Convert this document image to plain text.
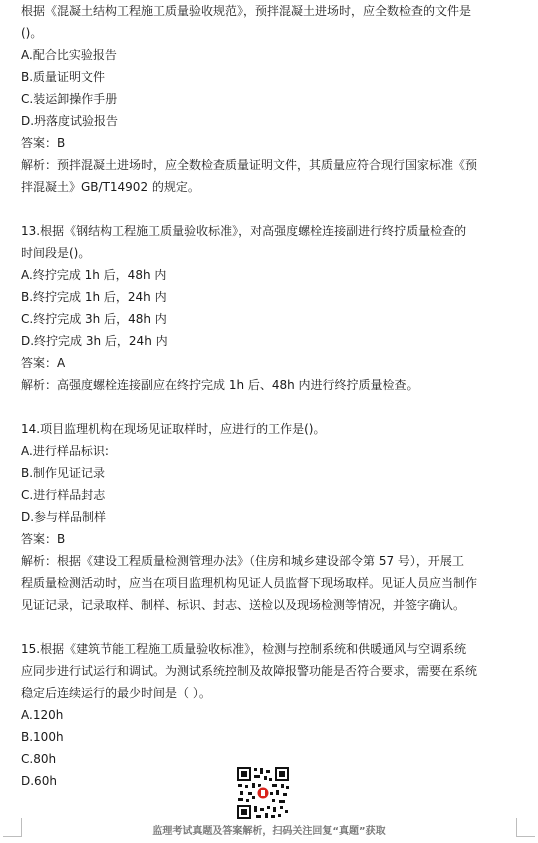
根据《混凝土结构工程施工质量验收规范》，预拌混凝土进场时，应全数检查的文件是
()。
A.配合比实验报告
B.质量证明文件
C.装运卸操作手册
D.坍落度试验报告
答案：B
解析：预拌混凝土进场时，应全数检查质量证明文件，其质量应符合现行国家标准《预
拌混凝土》GB/T14902 的规定。
13.根据《钢结构工程施工质量验收标准》，对高强度螺栓连接副进行终拧质量检查的
时间段是()。
A.终拧完成 1h 后，48h 内
B.终拧完成 1h 后，24h 内
C.终拧完成 3h 后，48h 内
D.终拧完成 3h 后，24h 内
答案：A
解析：高强度螺栓连接副应在终拧完成 1h 后、48h 内进行终拧质量检查。
14.项目监理机构在现场见证取样时，应进行的工作是()。
A.进行样品标识:
B.制作见证记录
C.进行样品封志
D.参与样品制样
答案：B
解析：根据《建设工程质量检测管理办法》（住房和城乡建设部令第 57 号），开展工
程质量检测活动时，应当在项目监理机构见证人员监督下现场取样。见证人员应当制作
见证记录，记录取样、制样、标识、封志、送检以及现场检测等情况，并签字确认。
15.根据《建筑节能工程施工质量验收标准》，检测与控制系统和供暖通风与空调系统
应同步进行试运行和调试。为测试系统控制及故障报警功能是否符合要求，需要在系统
稳定后连续运行的最少时间是（ ）。
A.120h
B.100h
C.80h
D.60h
监理考试真题及答案解析，扫码关注回复“真题”获取
